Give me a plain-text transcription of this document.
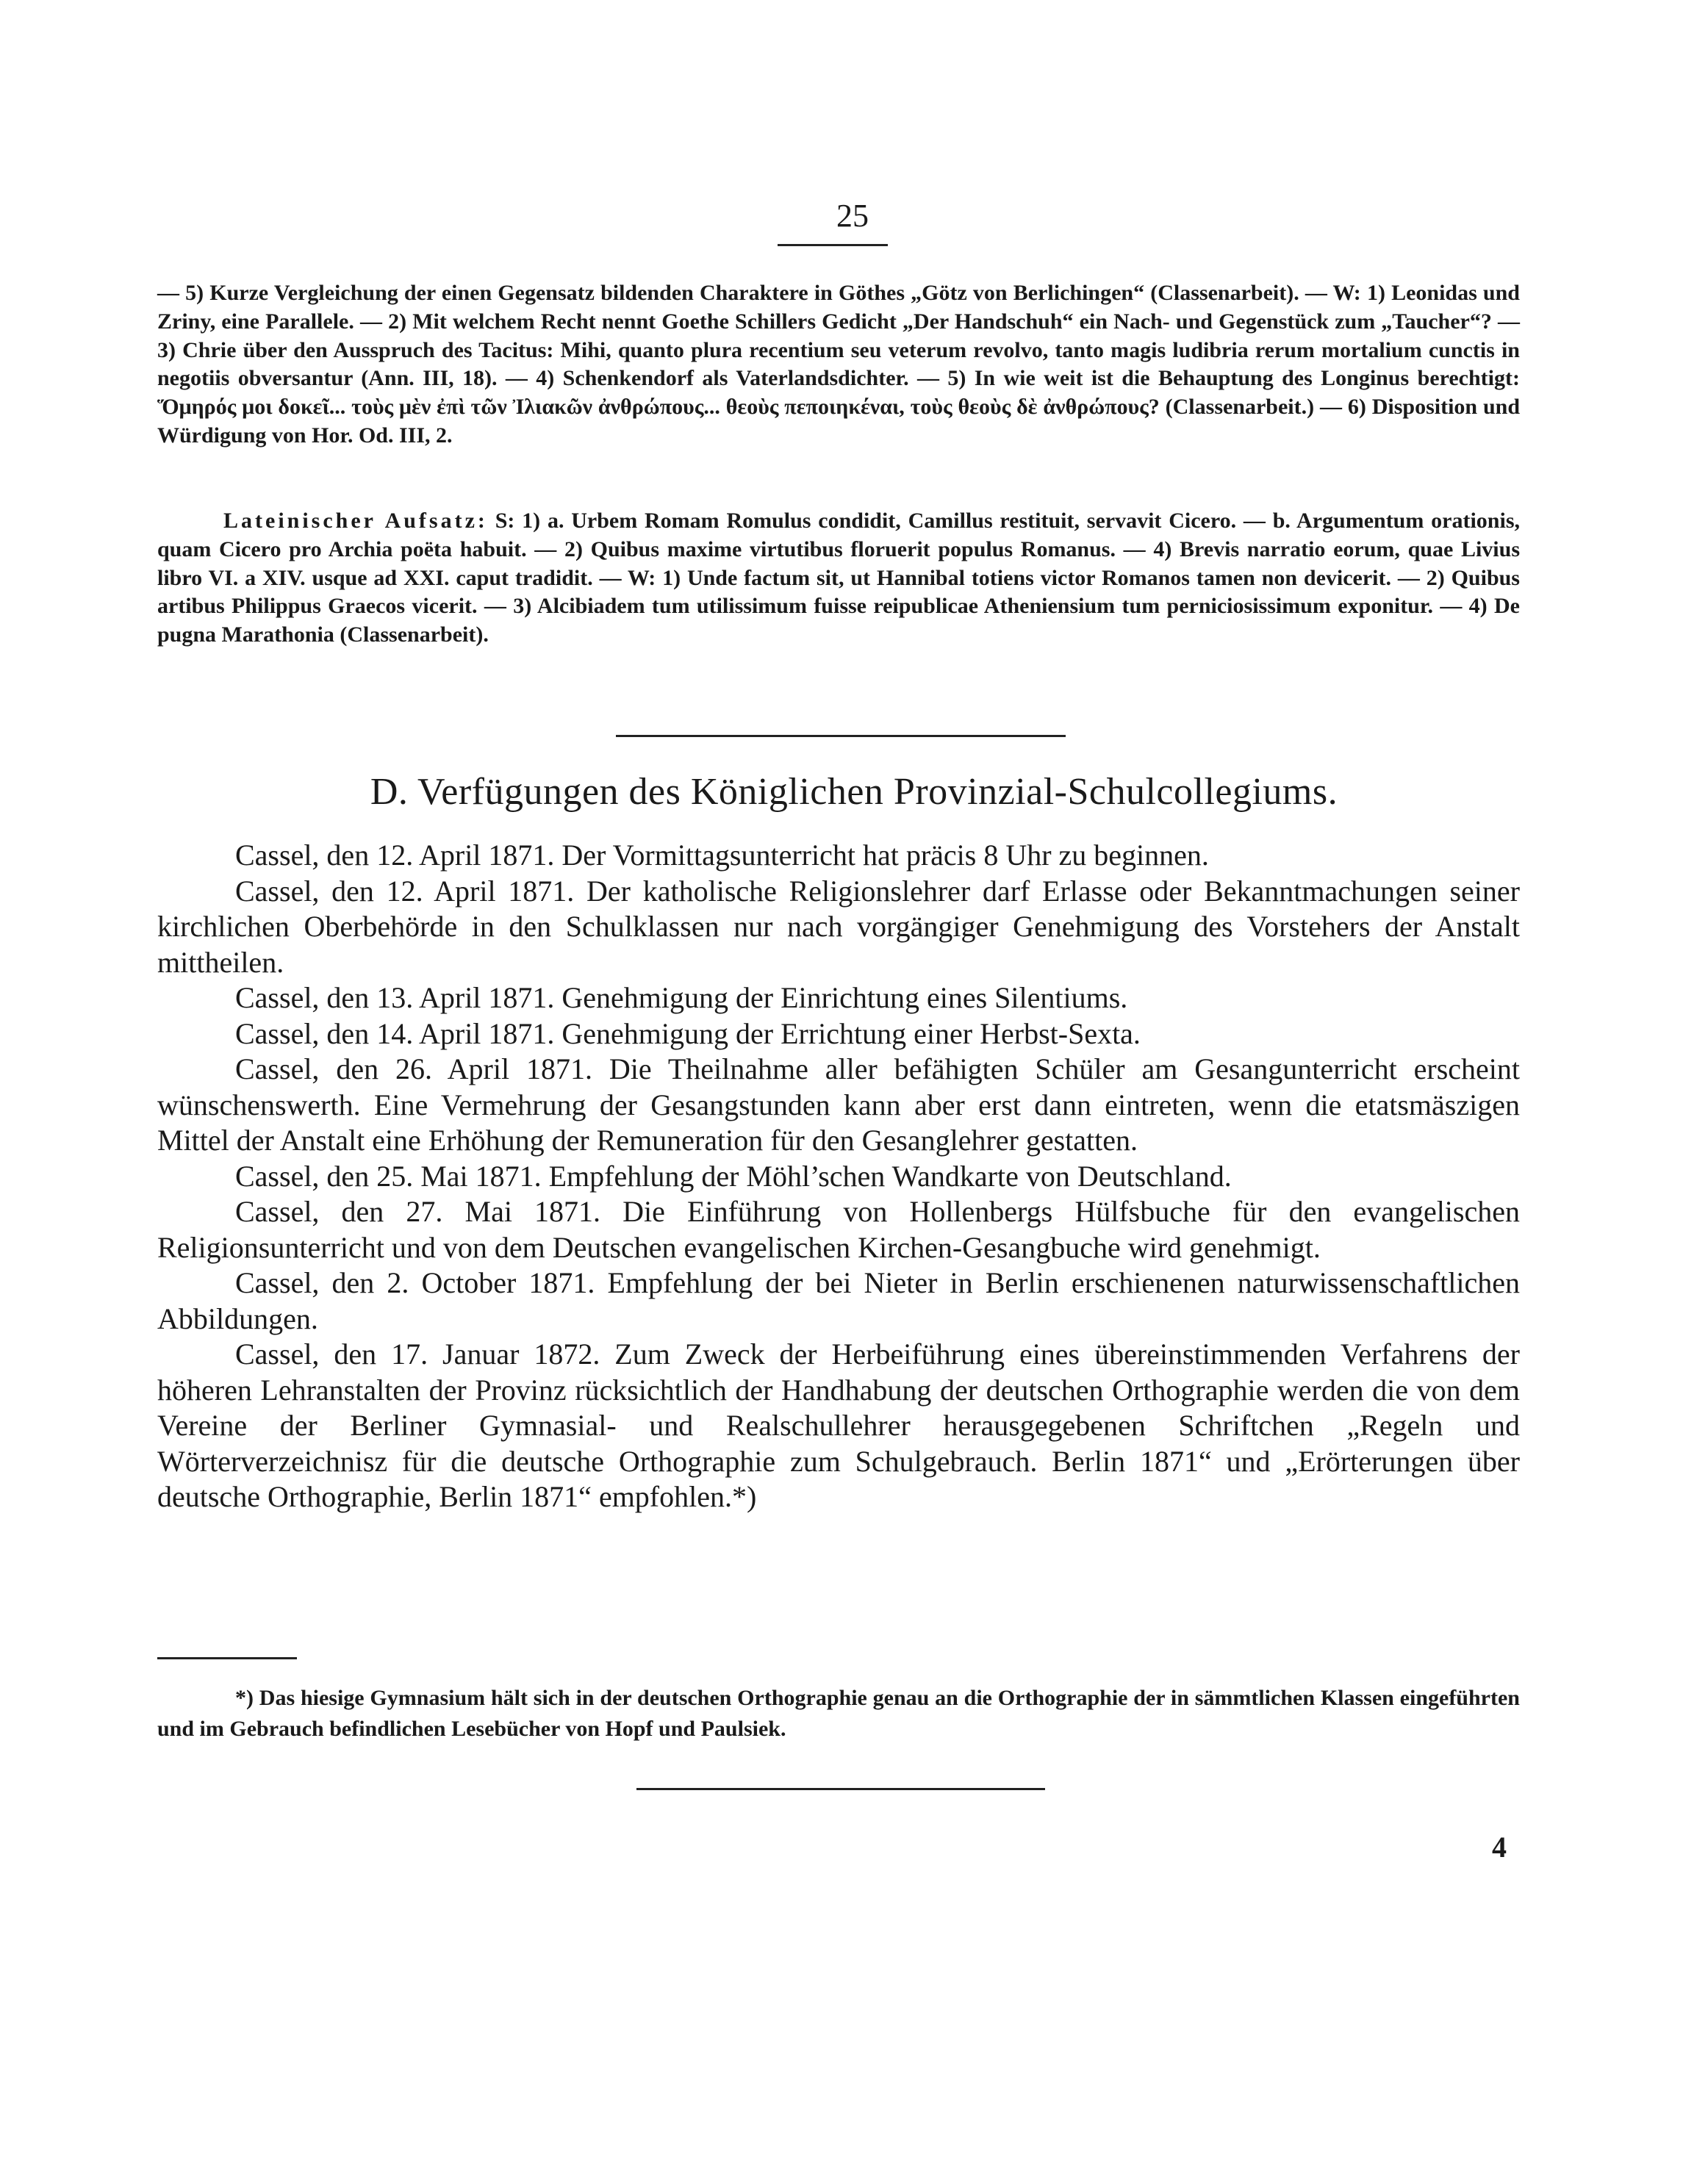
25

— 5) Kurze Vergleichung der einen Gegensatz bildenden Charaktere in Göthes „Götz von Berlichingen“ (Classenarbeit). — W: 1) Leonidas und Zriny, eine Parallele. — 2) Mit welchem Recht nennt Goethe Schillers Gedicht „Der Handschuh“ ein Nach- und Gegenstück zum „Taucher“? — 3) Chrie über den Ausspruch des Tacitus: Mihi, quanto plura recentium seu veterum revolvo, tanto magis ludibria rerum mortalium cunctis in negotiis obversantur (Ann. III, 18). — 4) Schenkendorf als Vaterlandsdichter. — 5) In wie weit ist die Behauptung des Longinus berechtigt: Ὅμηρός μοι δοκεῖ... τοὺς μὲν ἐπὶ τῶν Ἰλιακῶν ἀνθρώπους... θεοὺς πεποιηκέναι, τοὺς θεοὺς δὲ ἀνθρώπους? (Classenarbeit.) — 6) Disposition und Würdigung von Hor. Od. III, 2.

Lateinischer Aufsatz: S: 1) a. Urbem Romam Romulus condidit, Camillus restituit, servavit Cicero. — b. Argumentum orationis, quam Cicero pro Archia poëta habuit. — 2) Quibus maxime virtutibus floruerit populus Romanus. — 4) Brevis narratio eorum, quae Livius libro VI. a XIV. usque ad XXI. caput tradidit. — W: 1) Unde factum sit, ut Hannibal totiens victor Romanos tamen non devicerit. — 2) Quibus artibus Philippus Graecos vicerit. — 3) Alcibiadem tum utilissimum fuisse reipublicae Atheniensium tum perniciosissimum exponitur. — 4) De pugna Marathonia (Classenarbeit).

D. Verfügungen des Königlichen Provinzial-Schulcollegiums.

Cassel, den 12. April 1871. Der Vormittagsunterricht hat präcis 8 Uhr zu beginnen.

Cassel, den 12. April 1871. Der katholische Religionslehrer darf Erlasse oder Bekanntmachungen seiner kirchlichen Oberbehörde in den Schulklassen nur nach vorgängiger Genehmigung des Vorstehers der Anstalt mittheilen.

Cassel, den 13. April 1871. Genehmigung der Einrichtung eines Silentiums.

Cassel, den 14. April 1871. Genehmigung der Errichtung einer Herbst-Sexta.

Cassel, den 26. April 1871. Die Theilnahme aller befähigten Schüler am Gesangunterricht erscheint wünschenswerth. Eine Vermehrung der Gesangstunden kann aber erst dann eintreten, wenn die etatsmäszigen Mittel der Anstalt eine Erhöhung der Remuneration für den Gesanglehrer gestatten.

Cassel, den 25. Mai 1871. Empfehlung der Möhl’schen Wandkarte von Deutschland.

Cassel, den 27. Mai 1871. Die Einführung von Hollenbergs Hülfsbuche für den evangelischen Religionsunterricht und von dem Deutschen evangelischen Kirchen-Gesangbuche wird genehmigt.

Cassel, den 2. October 1871. Empfehlung der bei Nieter in Berlin erschienenen naturwissenschaftlichen Abbildungen.

Cassel, den 17. Januar 1872. Zum Zweck der Herbeiführung eines übereinstimmenden Verfahrens der höheren Lehranstalten der Provinz rücksichtlich der Handhabung der deutschen Orthographie werden die von dem Vereine der Berliner Gymnasial- und Realschullehrer herausgegebenen Schriftchen „Regeln und Wörterverzeichnisz für die deutsche Orthographie zum Schulgebrauch. Berlin 1871“ und „Erörterungen über deutsche Orthographie, Berlin 1871“ empfohlen.*)

*) Das hiesige Gymnasium hält sich in der deutschen Orthographie genau an die Orthographie der in sämmtlichen Klassen eingeführten und im Gebrauch befindlichen Lesebücher von Hopf und Paulsiek.
4
